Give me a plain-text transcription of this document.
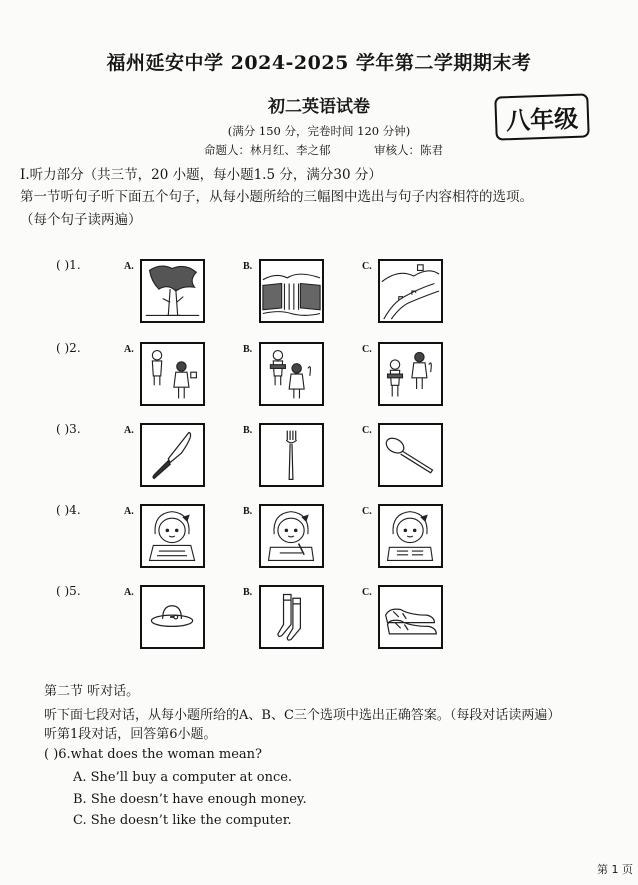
福州延安中学 2024-2025 学年第二学期期末考
初二英语试卷	八年级
(满分 150 分，完卷时间 120 分钟)
命题人：林月红、李之郁	审核人：陈君
Ⅰ.听力部分（共三节，20 小题，每小题1.5 分，满分30 分）
第一节听句子听下面五个句子，从每小题所给的三幅图中选出与句子内容相符的选项。
（每个句子读两遍）
( )1.	A.	B.	C.
( )2.	A.	B.	C.
( )3.	A.	B.	C.
( )4.	A.	B.	C.
( )5.	A.	B.	C.
第二节 听对话。
听下面七段对话，从每小题所给的A、B、C三个选项中选出正确答案。（每段对话读两遍）
听第1段对话，回答第6小题。
( )6.what does the woman mean?
A. She’ll buy a computer at once.
B. She doesn’t have enough money.
C. She doesn’t like the computer.
第 1 页
